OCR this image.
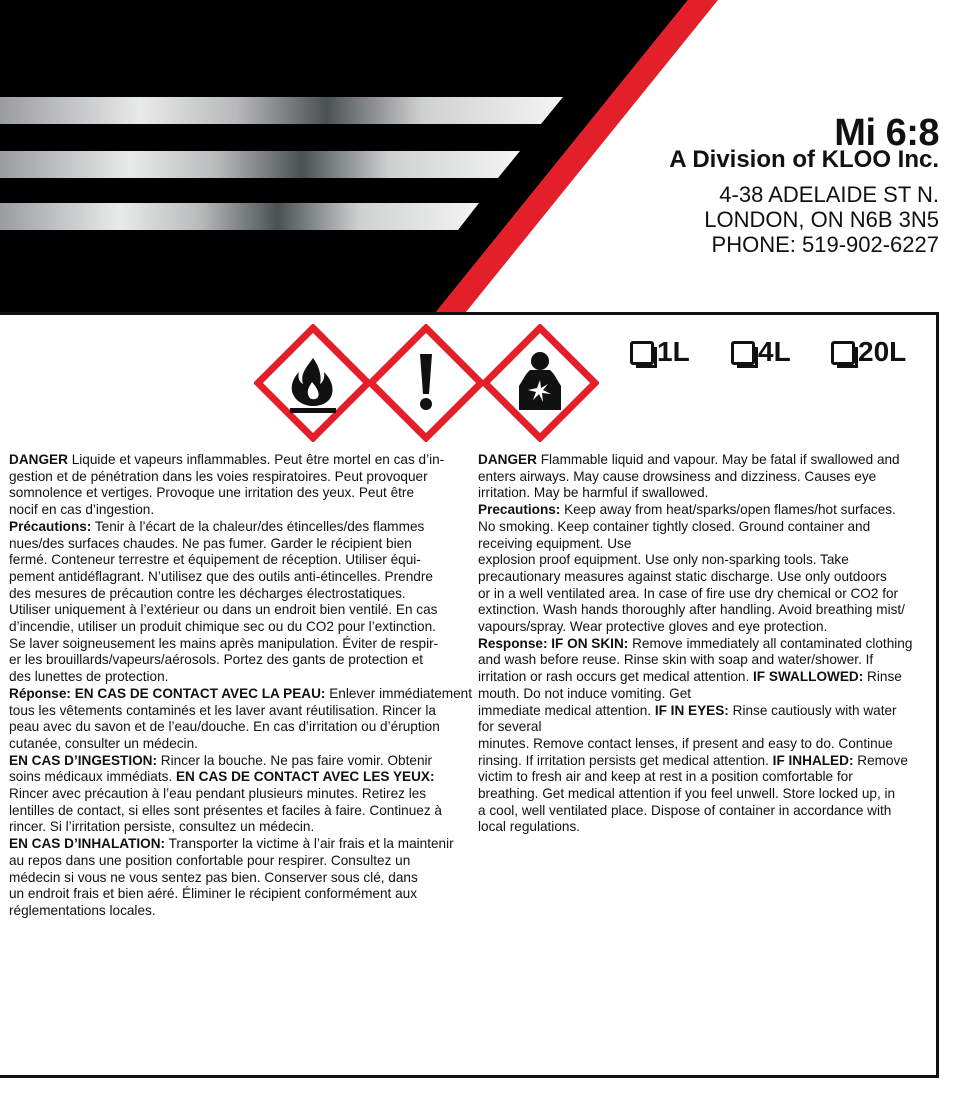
Mi 6:8
A Division of KLOO Inc.
4-38 ADELAIDE ST N.
LONDON, ON N6B 3N5
PHONE: 519-902-6227
1L 4L 20L
DANGER Liquide et vapeurs inflammables. Peut être mortel en cas d’in-
gestion et de pénétration dans les voies respiratoires. Peut provoquer
somnolence et vertiges. Provoque une irritation des yeux. Peut être
nocif en cas d’ingestion.
Précautions: Tenir à l’écart de la chaleur/des étincelles/des flammes
nues/des surfaces chaudes. Ne pas fumer. Garder le récipient bien
fermé. Conteneur terrestre et équipement de réception. Utiliser équi-
pement antidéflagrant. N’utilisez que des outils anti-étincelles. Prendre
des mesures de précaution contre les décharges électrostatiques.
Utiliser uniquement à l’extérieur ou dans un endroit bien ventilé. En cas
d’incendie, utiliser un produit chimique sec ou du CO2 pour l’extinction.
Se laver soigneusement les mains après manipulation. Éviter de respir-
er les brouillards/vapeurs/aérosols. Portez des gants de protection et
des lunettes de protection.
Réponse: EN CAS DE CONTACT AVEC LA PEAU: Enlever immédiatement
tous les vêtements contaminés et les laver avant réutilisation. Rincer la
peau avec du savon et de l’eau/douche. En cas d’irritation ou d’éruption
cutanée, consulter un médecin.
EN CAS D’INGESTION: Rincer la bouche. Ne pas faire vomir. Obtenir
soins médicaux immédiats. EN CAS DE CONTACT AVEC LES YEUX:
Rincer avec précaution à l’eau pendant plusieurs minutes. Retirez les
lentilles de contact, si elles sont présentes et faciles à faire. Continuez à
rincer. Si l’irritation persiste, consultez un médecin.
EN CAS D’INHALATION: Transporter la victime à l’air frais et la maintenir
au repos dans une position confortable pour respirer. Consultez un
médecin si vous ne vous sentez pas bien. Conserver sous clé, dans
un endroit frais et bien aéré. Éliminer le récipient conformément aux
réglementations locales.
DANGER Flammable liquid and vapour. May be fatal if swallowed and
enters airways. May cause drowsiness and dizziness. Causes eye
irritation. May be harmful if swallowed.
Precautions: Keep away from heat/sparks/open flames/hot surfaces.
No smoking. Keep container tightly closed. Ground container and
receiving equipment. Use
explosion proof equipment. Use only non-sparking tools. Take
precautionary measures against static discharge. Use only outdoors
or in a well ventilated area. In case of fire use dry chemical or CO2 for
extinction. Wash hands thoroughly after handling. Avoid breathing mist/
vapours/spray. Wear protective gloves and eye protection.
Response: IF ON SKIN: Remove immediately all contaminated clothing
and wash before reuse. Rinse skin with soap and water/shower. If
irritation or rash occurs get medical attention. IF SWALLOWED: Rinse
mouth. Do not induce vomiting. Get
immediate medical attention. IF IN EYES: Rinse cautiously with water
for several
minutes. Remove contact lenses, if present and easy to do. Continue
rinsing. If irritation persists get medical attention. IF INHALED: Remove
victim to fresh air and keep at rest in a position comfortable for
breathing. Get medical attention if you feel unwell. Store locked up, in
a cool, well ventilated place. Dispose of container in accordance with
local regulations.
